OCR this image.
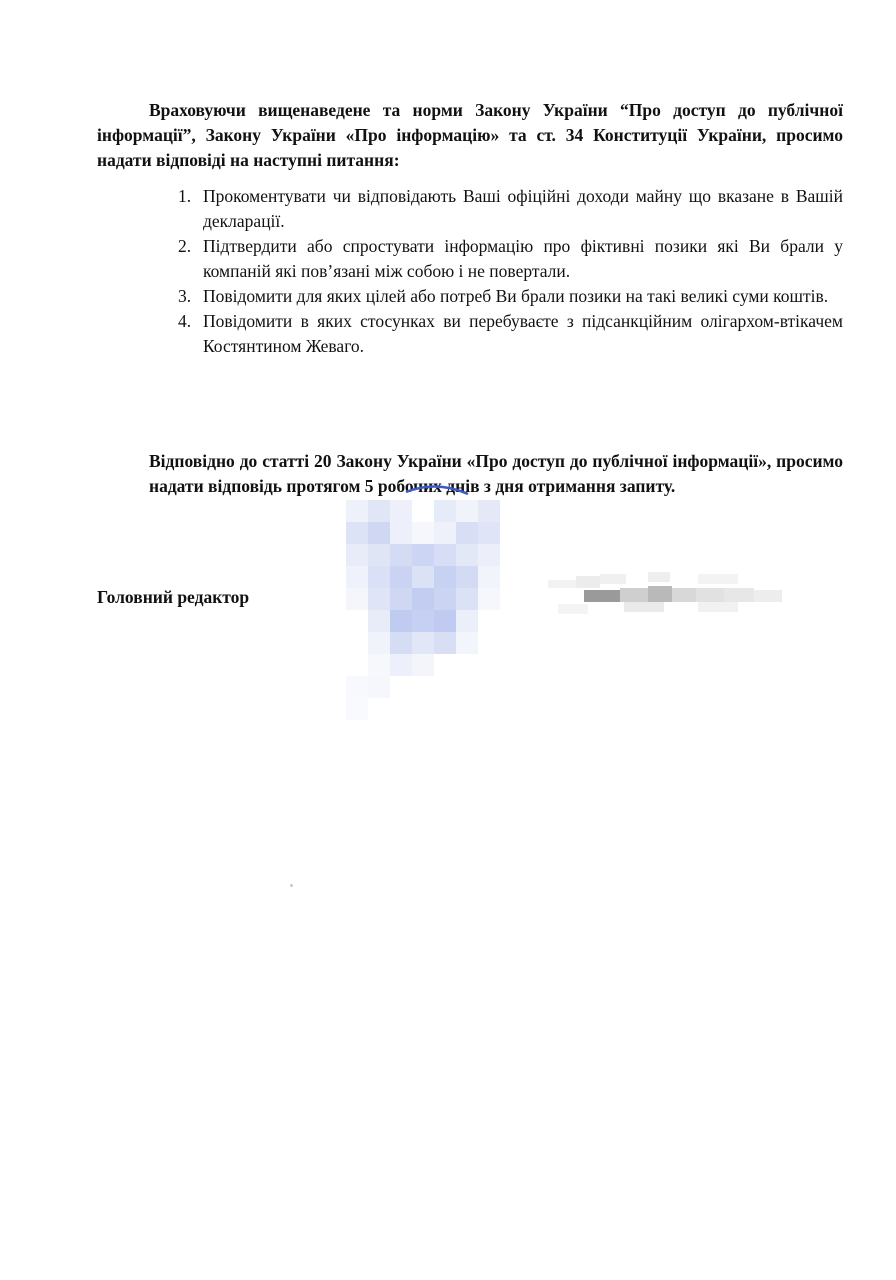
Враховуючи вищенаведене та норми Закону України “Про доступ до публічної інформації”, Закону України «Про інформацію» та ст. 34 Конституції України, просимо надати відповіді на наступні питання:

1. Прокоментувати чи відповідають Ваші офіційні доходи майну що вказане в Вашій декларації.
2. Підтвердити або спростувати інформацію про фіктивні позики які Ви брали у компаній які пов’язані між собою і не повертали.
3. Повідомити для яких цілей або потреб Ви брали позики на такі великі суми коштів.
4. Повідомити в яких стосунках ви перебуваєте з підсанкційним олігархом-втікачем Костянтином Жеваго.

Відповідно до статті 20 Закону України «Про доступ до публічної інформації», просимо надати відповідь протягом 5 робочих днів з дня отримання запиту.

Головний редактор
